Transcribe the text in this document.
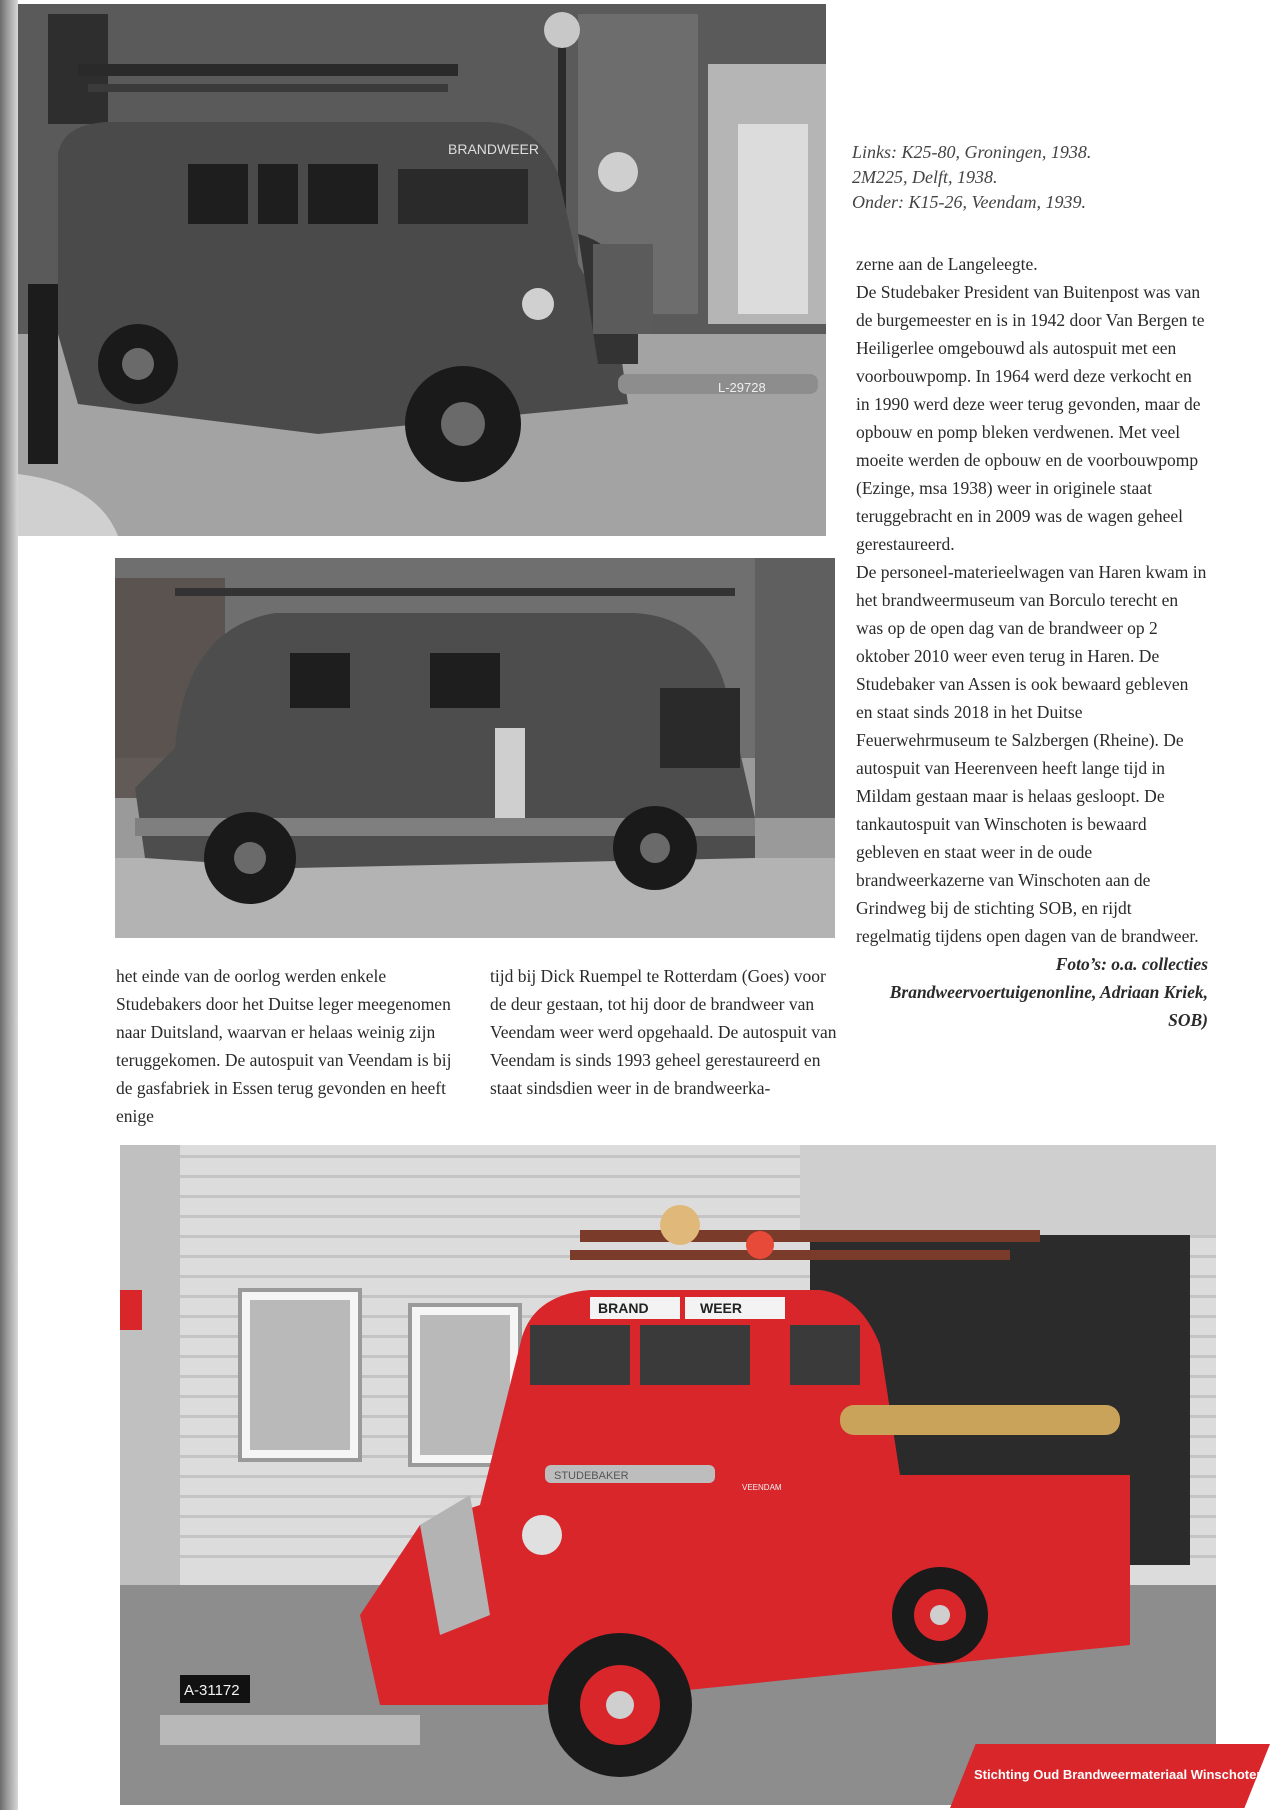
BRANDWEER
L-29728
Links: K25-80, Groningen, 1938.
2M225, Delft, 1938.
Onder: K15-26, Veendam, 1939.

zerne aan de Langeleegte.

De Studebaker President van Buitenpost was van de burgemeester en is in 1942 door Van Bergen te Heiligerlee omgebouwd als autospuit met een voorbouwpomp. In 1964 werd deze verkocht en in 1990 werd deze weer terug gevonden, maar de opbouw en pomp bleken verdwenen. Met veel moeite werden de opbouw en de voorbouwpomp (Ezinge, msa 1938) weer in originele staat teruggebracht en in 2009 was de wagen geheel gerestaureerd.

De personeel-materieelwagen van Haren kwam in het brandweermuseum van Borculo terecht en was op de open dag van de brandweer op 2 oktober 2010 weer even terug in Haren. De Studebaker van Assen is ook bewaard gebleven en staat sinds 2018 in het Duitse Feuerwehrmuseum te Salzbergen (Rheine). De autospuit van Heerenveen heeft lange tijd in Mildam gestaan maar is helaas gesloopt. De tankautospuit van Winschoten is bewaard gebleven en staat weer in de oude brandweerkazerne van Winschoten aan de Grindweg bij de stichting SOB, en rijdt regelmatig tijdens open dagen van de brandweer.

Foto’s: o.a. collecties Brandweervoertuigenonline, Adriaan Kriek, SOB)

het einde van de oorlog werden enkele Studebakers door het Duitse leger meegenomen naar Duitsland, waarvan er helaas weinig zijn teruggekomen. De autospuit van Veendam is bij de gasfabriek in Essen terug gevonden en heeft enige

tijd bij Dick Ruempel te Rotterdam (Goes) voor de deur gestaan, tot hij door de brandweer van Veendam weer werd opgehaald. De autospuit van Veendam is sinds 1993 geheel gerestaureerd en staat sindsdien weer in de brandweerka-

BRAND	WEER
STUDEBAKER
VEENDAM
A-31172
Stichting Oud Brandweermateriaal Winschoten
